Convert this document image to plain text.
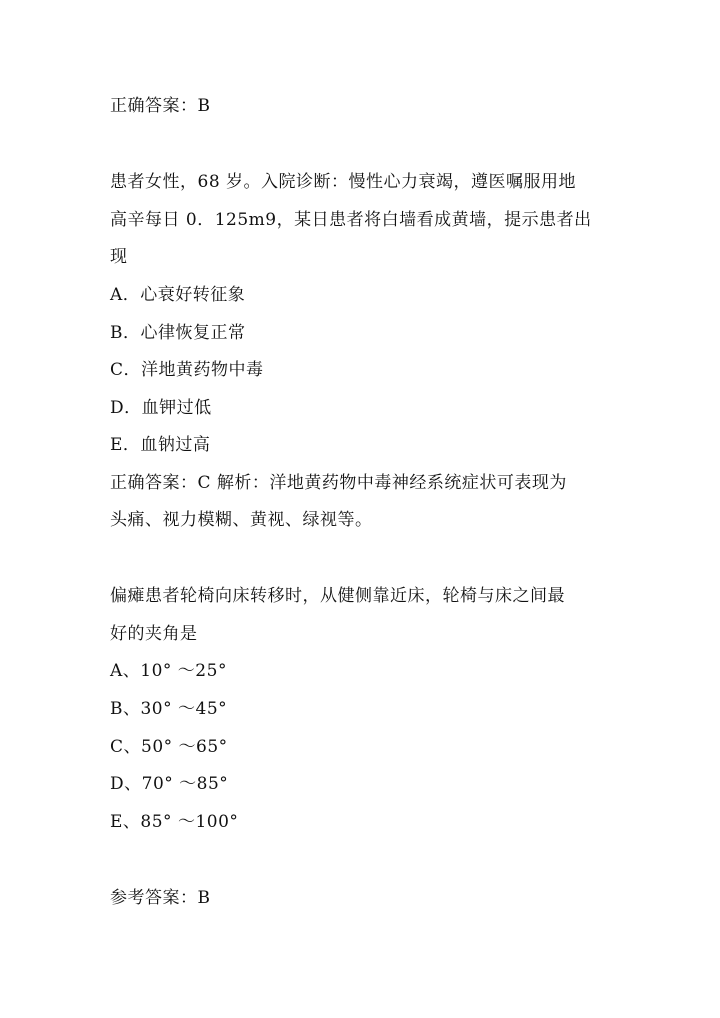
正确答案：B
患者女性，68 岁。入院诊断：慢性心力衰竭，遵医嘱服用地
高辛每日 0．125m9，某日患者将白墙看成黄墙，提示患者出
现
A．心衰好转征象
B．心律恢复正常
C．洋地黄药物中毒
D．血钾过低
E．血钠过高
正确答案：C 解析：洋地黄药物中毒神经系统症状可表现为
头痛、视力模糊、黄视、绿视等。
偏瘫患者轮椅向床转移时，从健侧靠近床，轮椅与床之间最
好的夹角是
A、10° ～25°
B、30° ～45°
C、50° ～65°
D、70° ～85°
E、85° ～100°
参考答案：B
